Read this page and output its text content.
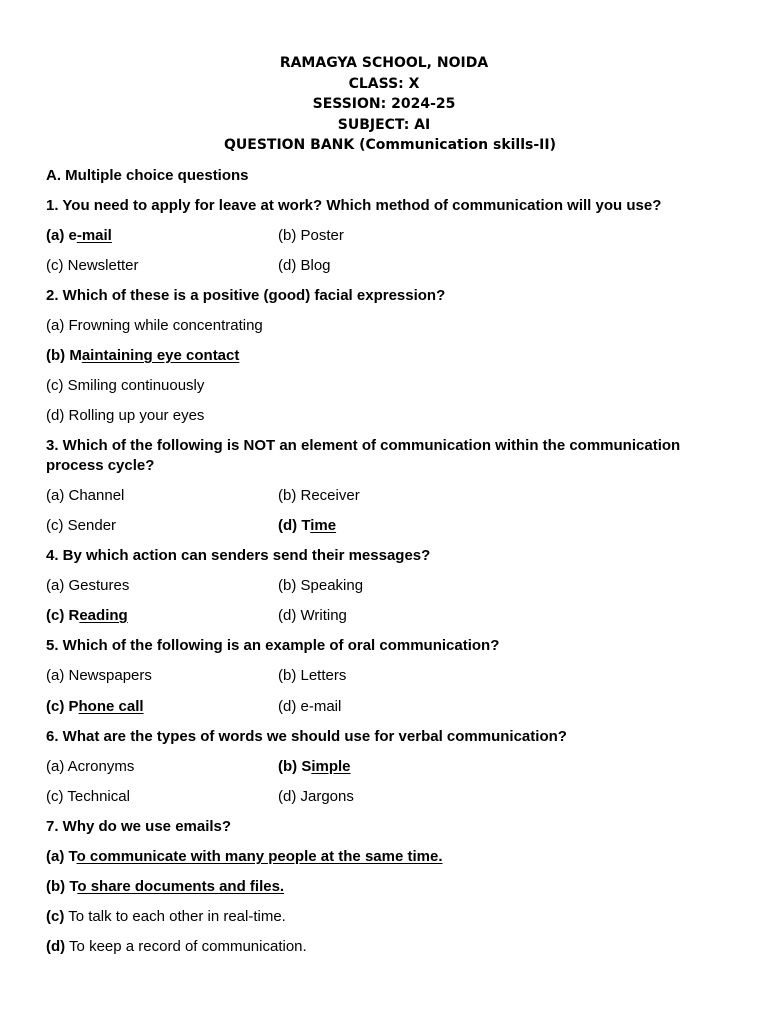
RAMAGYA SCHOOL, NOIDA
CLASS: X
SESSION: 2024-25
SUBJECT: AI
QUESTION BANK (Communication skills-II)
A. Multiple choice questions
1. You need to apply for leave at work? Which method of communication will you use?
(a) e-mail	(b) Poster
(c) Newsletter	(d) Blog
2. Which of these is a positive (good) facial expression?
(a) Frowning while concentrating
(b) Maintaining eye contact
(c) Smiling continuously
(d) Rolling up your eyes
3. Which of the following is NOT an element of communication within the communication process cycle?
(a) Channel	(b) Receiver
(c) Sender	(d) Time
4. By which action can senders send their messages?
(a) Gestures	(b) Speaking
(c) Reading	(d) Writing
5. Which of the following is an example of oral communication?
(a) Newspapers	(b) Letters
(c) Phone call	(d) e-mail
6. What are the types of words we should use for verbal communication?
(a) Acronyms	(b) Simple
(c) Technical	(d) Jargons
7. Why do we use emails?
(a) To communicate with many people at the same time.
(b) To share documents and files.
(c) To talk to each other in real-time.
(d) To keep a record of communication.
